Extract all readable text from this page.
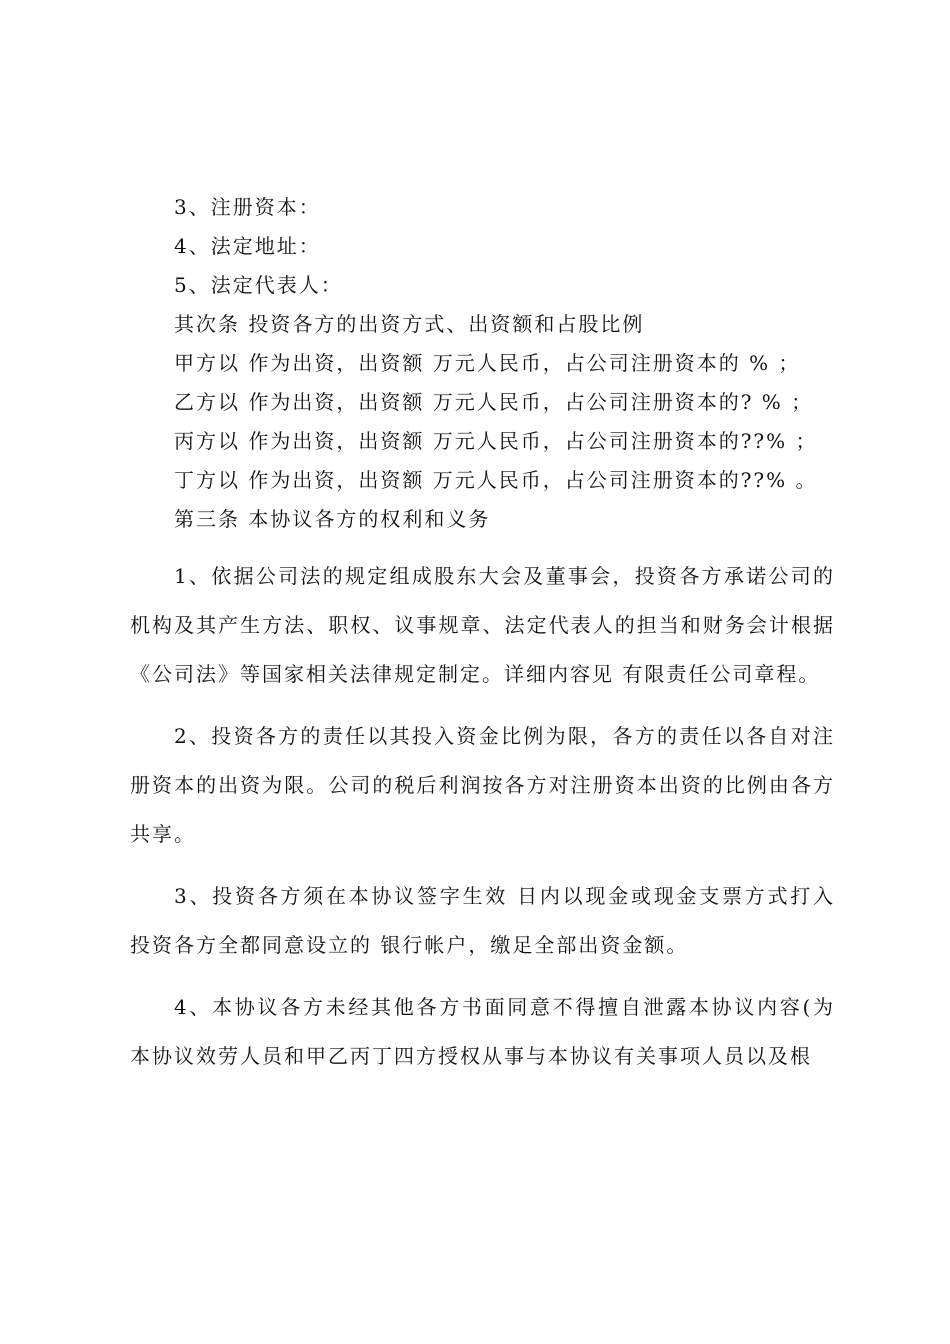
3、注册资本：
4、法定地址：
5、法定代表人：
其次条 投资各方的出资方式、出资额和占股比例
甲方以 作为出资，出资额 万元人民币，占公司注册资本的 % ；
乙方以 作为出资，出资额 万元人民币，占公司注册资本的? % ；
丙方以 作为出资，出资额 万元人民币，占公司注册资本的??% ；
丁方以 作为出资，出资额 万元人民币，占公司注册资本的??% 。
第三条 本协议各方的权利和义务

1、依据公司法的规定组成股东大会及董事会，投资各方承诺公司的机构及其产生方法、职权、议事规章、法定代表人的担当和财务会计根据《公司法》等国家相关法律规定制定。详细内容见 有限责任公司章程。

2、投资各方的责任以其投入资金比例为限，各方的责任以各自对注册资本的出资为限。公司的税后利润按各方对注册资本出资的比例由各方共享。

3、投资各方须在本协议签字生效 日内以现金或现金支票方式打入投资各方全都同意设立的 银行帐户，缴足全部出资金额。

4、本协议各方未经其他各方书面同意不得擅自泄露本协议内容(为本协议效劳人员和甲乙丙丁四方授权从事与本协议有关事项人员以及根
